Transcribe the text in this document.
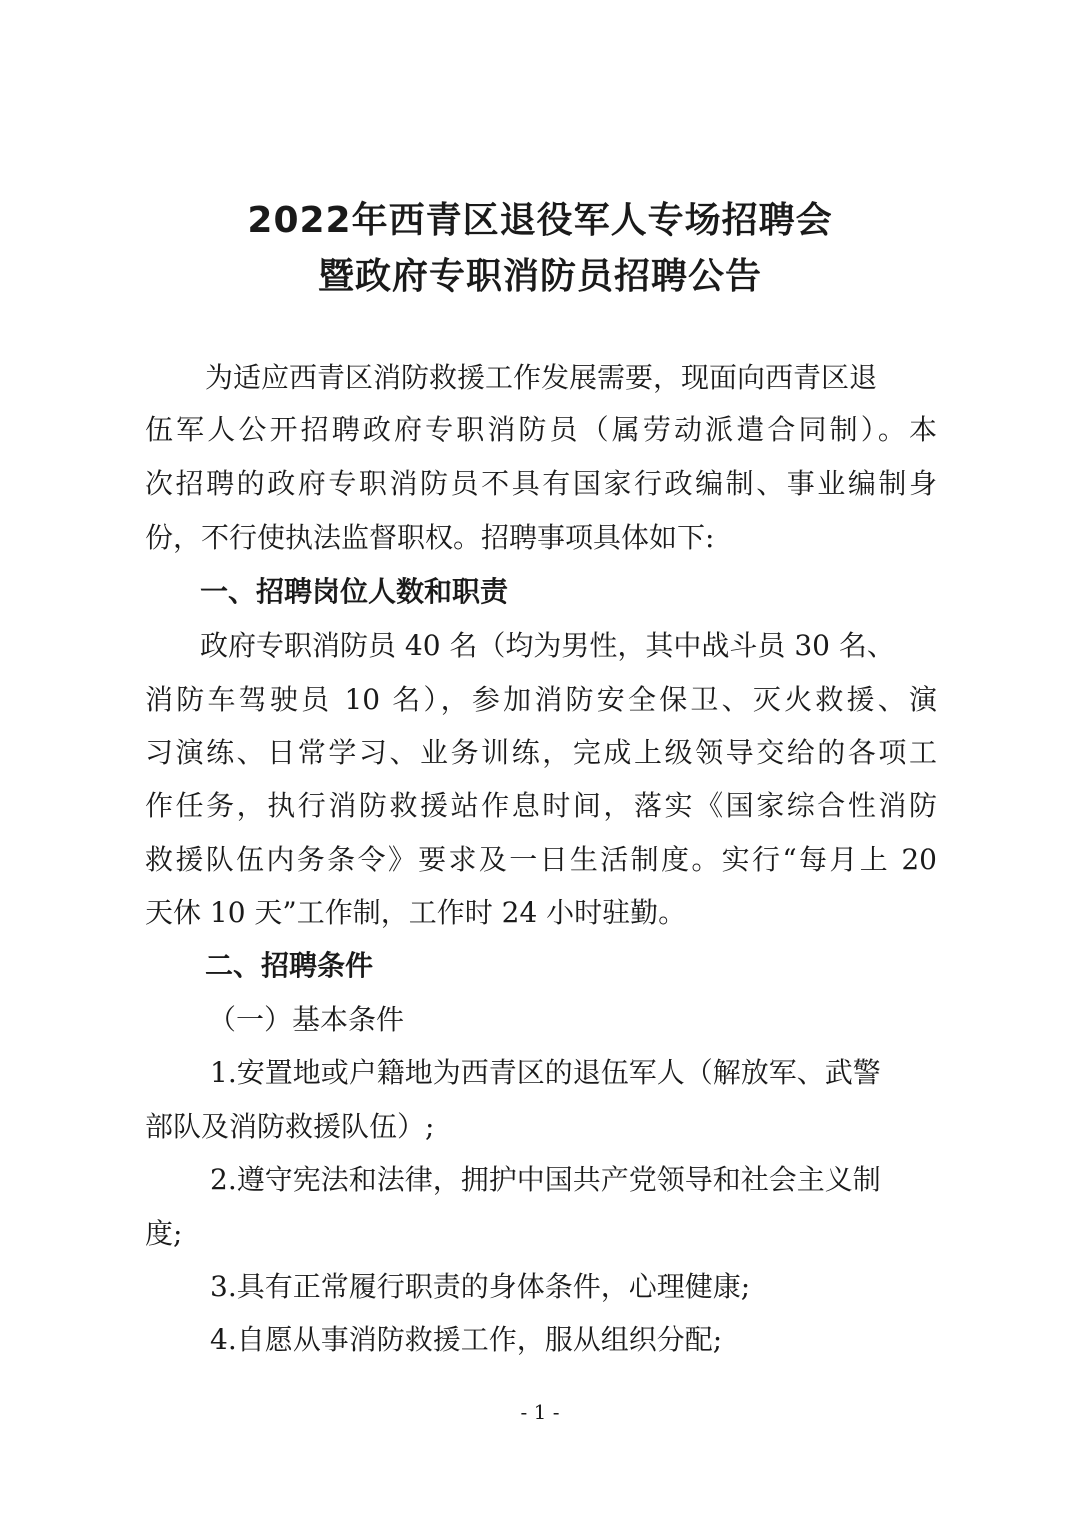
2022年西青区退役军人专场招聘会
暨政府专职消防员招聘公告
为适应西青区消防救援工作发展需要，现面向西青区退
伍军人公开招聘政府专职消防员（属劳动派遣合同制）。本
次招聘的政府专职消防员不具有国家行政编制、事业编制身
份，不行使执法监督职权。招聘事项具体如下:
一、招聘岗位人数和职责
政府专职消防员 40 名（均为男性，其中战斗员 30 名、
消防车驾驶员 10 名），参加消防安全保卫、灭火救援、演
习演练、日常学习、业务训练，完成上级领导交给的各项工
作任务，执行消防救援站作息时间，落实《国家综合性消防
救援队伍内务条令》要求及一日生活制度。实行“每月上 20
天休 10 天”工作制，工作时 24 小时驻勤。
二、招聘条件
（一）基本条件
1.安置地或户籍地为西青区的退伍军人（解放军、武警
部队及消防救援队伍）;
2.遵守宪法和法律，拥护中国共产党领导和社会主义制
度;
3.具有正常履行职责的身体条件，心理健康;
4.自愿从事消防救援工作，服从组织分配;
- 1 -
